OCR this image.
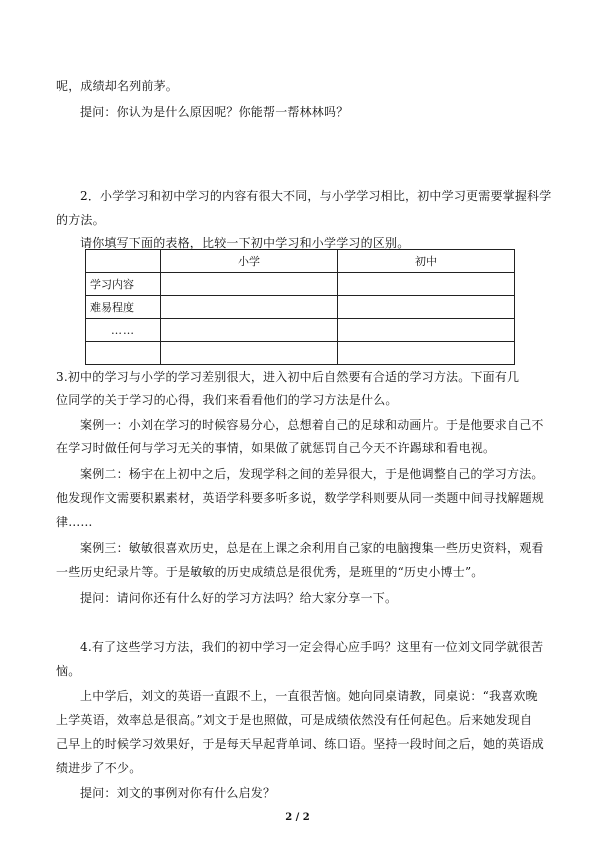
呢，成绩却名列前茅。
提问：你认为是什么原因呢？你能帮一帮林林吗？
2．小学学习和初中学习的内容有很大不同，与小学学习相比，初中学习更需要掌握科学
的方法。
请你填写下面的表格，比较一下初中学习和小学学习的区别。
	小学	初中
学习内容		
难易程度		
……		

3.初中的学习与小学的学习差别很大，进入初中后自然要有合适的学习方法。下面有几
位同学的关于学习的心得，我们来看看他们的学习方法是什么。
案例一：小刘在学习的时候容易分心，总想着自己的足球和动画片。于是他要求自己不
在学习时做任何与学习无关的事情，如果做了就惩罚自己今天不许踢球和看电视。
案例二：杨宇在上初中之后，发现学科之间的差异很大，于是他调整自己的学习方法。
他发现作文需要积累素材，英语学科要多听多说，数学学科则要从同一类题中间寻找解题规
律……
案例三：敏敏很喜欢历史，总是在上课之余利用自己家的电脑搜集一些历史资料，观看
一些历史纪录片等。于是敏敏的历史成绩总是很优秀，是班里的“历史小博士”。
提问：请问你还有什么好的学习方法吗？给大家分享一下。
4.有了这些学习方法，我们的初中学习一定会得心应手吗？这里有一位刘文同学就很苦
恼。
上中学后，刘文的英语一直跟不上，一直很苦恼。她向同桌请教，同桌说：“我喜欢晚
上学英语，效率总是很高。”刘文于是也照做，可是成绩依然没有任何起色。后来她发现自
己早上的时候学习效果好，于是每天早起背单词、练口语。坚持一段时间之后，她的英语成
绩进步了不少。
提问：刘文的事例对你有什么启发？
2 / 2
